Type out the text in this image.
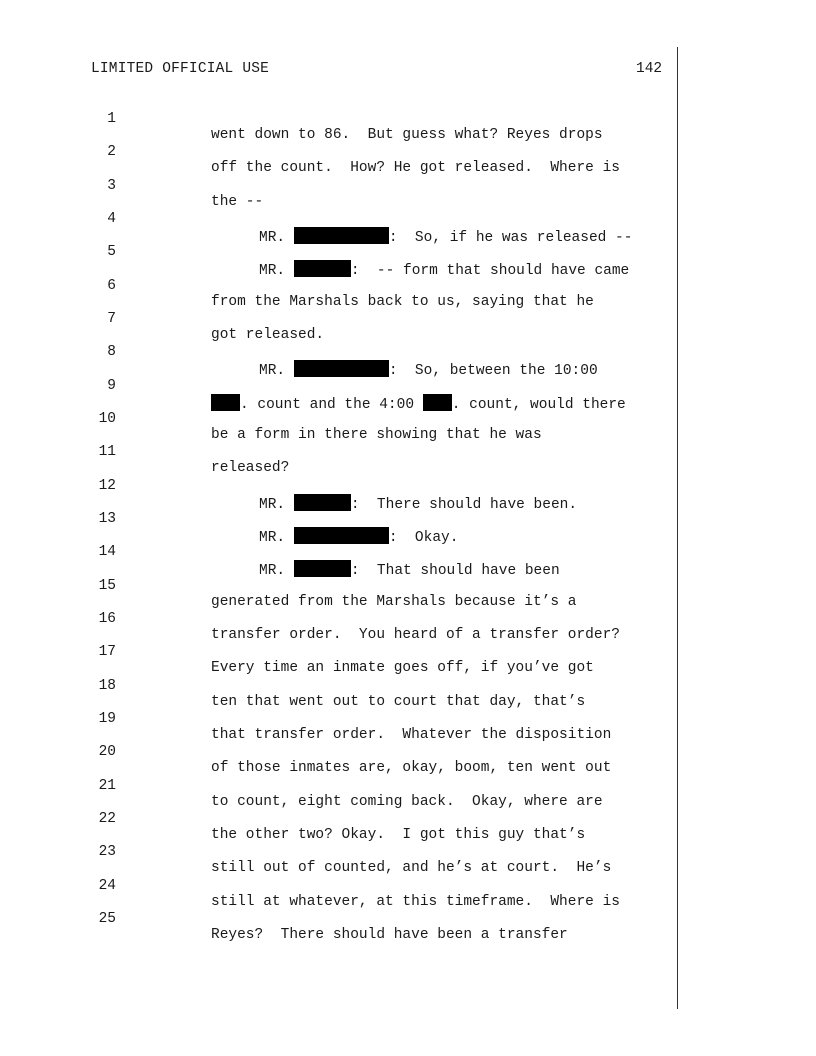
LIMITED OFFICIAL USE	142

1

went down to 86.  But guess what? Reyes drops

2

off the count.  How? He got released.  Where is

3

the --

4

MR.	:  So, if he was released --

5

MR.	:  -- form that should have came

6

from the Marshals back to us, saying that he

7

got released.

8

MR.	:  So, between the 10:00

9

. count and the 4:00 . count, would there

10

be a form in there showing that he was

11

released?

12

MR.	:  There should have been.

13

MR.	:  Okay.

14

MR.	:  That should have been

15

generated from the Marshals because it’s a

16

transfer order.  You heard of a transfer order?

17

Every time an inmate goes off, if you’ve got

18

ten that went out to court that day, that’s

19

that transfer order.  Whatever the disposition

20

of those inmates are, okay, boom, ten went out

21

to count, eight coming back.  Okay, where are

22

the other two? Okay.  I got this guy that’s

23

still out of counted, and he’s at court.  He’s

24

still at whatever, at this timeframe.  Where is

25

Reyes?  There should have been a transfer
